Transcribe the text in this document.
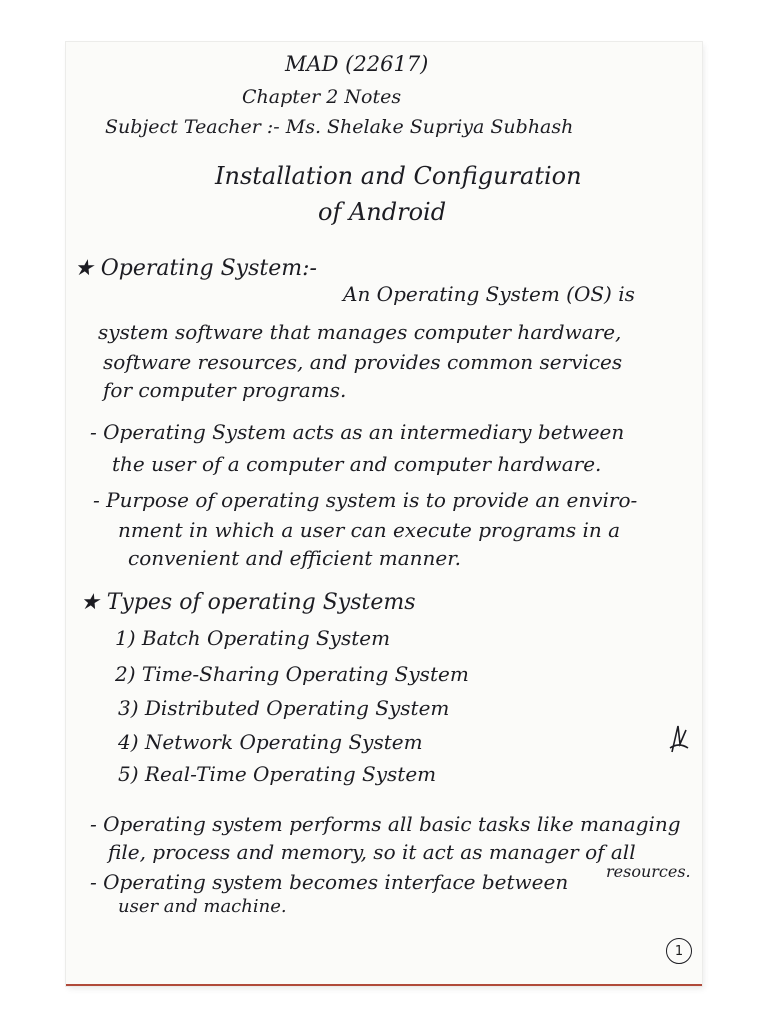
MAD (22617)
Chapter 2 Notes
Subject Teacher :- Ms. Shelake Supriya Subhash
Installation and Configuration
of Android
★ Operating System:-
An Operating System (OS) is
system software that manages computer hardware,
software resources, and provides common services
for computer programs.
- Operating System acts as an intermediary between
the user of a computer and computer hardware.
- Purpose of operating system is to provide an enviro-
nment in which a user can execute programs in a
convenient and efficient manner.
★ Types of operating Systems
1) Batch Operating System
2) Time-Sharing Operating System
3) Distributed Operating System
4) Network Operating System
5) Real-Time Operating System
- Operating system performs all basic tasks like managing
file, process and memory, so it act as manager of all
resources.
- Operating system becomes interface between
user and machine.
1
